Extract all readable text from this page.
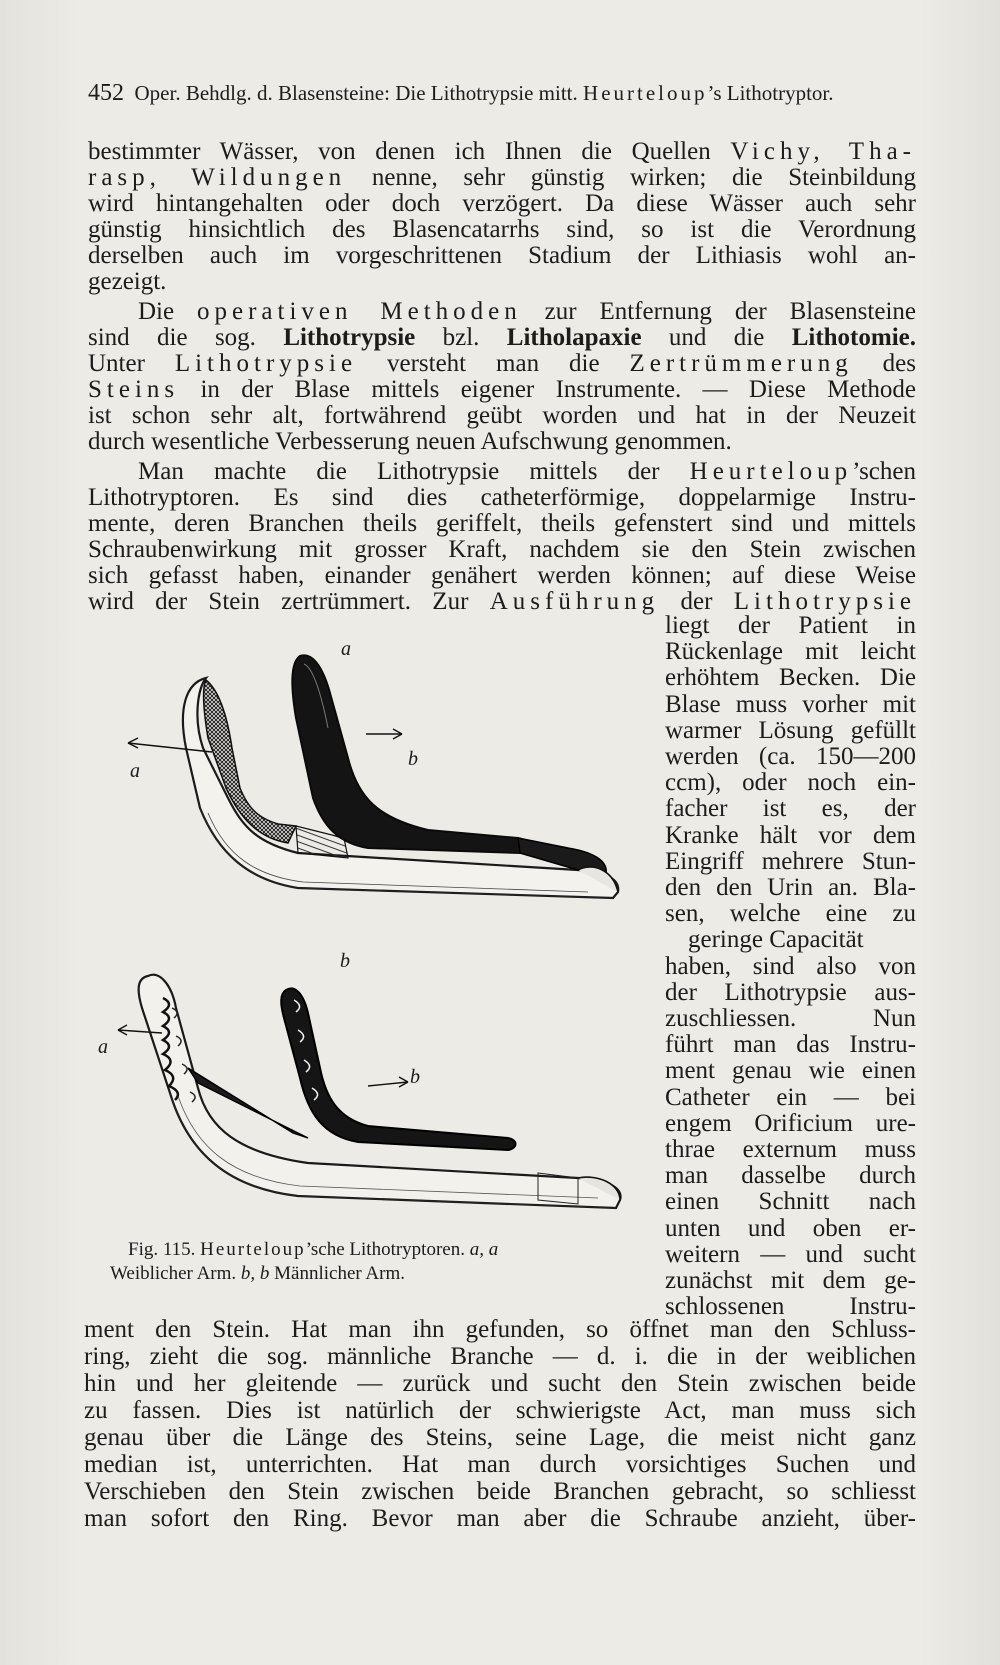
452 Oper. Behdlg. d. Blasensteine: Die Lithotrypsie mitt. Heurteloup’s Lithotryptor.

bestimmter Wässer, von denen ich Ihnen die Quellen Vichy, Tha-

rasp, Wildungen nenne, sehr günstig wirken; die Steinbildung

wird hintangehalten oder doch verzögert. Da diese Wässer auch sehr

günstig hinsichtlich des Blasencatarrhs sind, so ist die Verordnung

derselben auch im vorgeschrittenen Stadium der Lithiasis wohl an-

gezeigt.

Die operativen Methoden zur Entfernung der Blasensteine

sind die sog. Lithotrypsie bzl. Litholapaxie und die Lithotomie.

Unter Lithotrypsie versteht man die Zertrümmerung des

Steins in der Blase mittels eigener Instrumente. — Diese Methode

ist schon sehr alt, fortwährend geübt worden und hat in der Neuzeit

durch wesentliche Verbesserung neuen Aufschwung genommen.

Man machte die Lithotrypsie mittels der Heurteloup’schen

Lithotryptoren. Es sind dies catheterförmige, doppelarmige Instru-

mente, deren Branchen theils geriffelt, theils gefenstert sind und mittels

Schraubenwirkung mit grosser Kraft, nachdem sie den Stein zwischen

sich gefasst haben, einander genähert werden können; auf diese Weise

wird der Stein zertrümmert. Zur Ausführung der Lithotrypsie

liegt der Patient in

Rückenlage mit leicht

erhöhtem Becken. Die

Blase muss vorher mit

warmer Lösung gefüllt

werden (ca. 150—200

ccm), oder noch ein-

facher ist es, der

Kranke hält vor dem

Eingriff mehrere Stun-

den den Urin an. Bla-

sen, welche eine zu

geringe Capacität

haben, sind also von

der Lithotrypsie aus-

zuschliessen. Nun

führt man das Instru-

ment genau wie einen

Catheter ein — bei

engem Orificium ure-

thrae externum muss

man dasselbe durch

einen Schnitt nach

unten und oben er-

weitern — und sucht

zunächst mit dem ge-

schlossenen Instru-

a
a
b
b
a
b

Fig. 115. Heurteloup’sche Lithotryptoren. a, a

Weiblicher Arm. b, b Männlicher Arm.

ment den Stein. Hat man ihn gefunden, so öffnet man den Schluss-

ring, zieht die sog. männliche Branche — d. i. die in der weiblichen

hin und her gleitende — zurück und sucht den Stein zwischen beide

zu fassen. Dies ist natürlich der schwierigste Act, man muss sich

genau über die Länge des Steins, seine Lage, die meist nicht ganz

median ist, unterrichten. Hat man durch vorsichtiges Suchen und

Verschieben den Stein zwischen beide Branchen gebracht, so schliesst

man sofort den Ring. Bevor man aber die Schraube anzieht, über-
